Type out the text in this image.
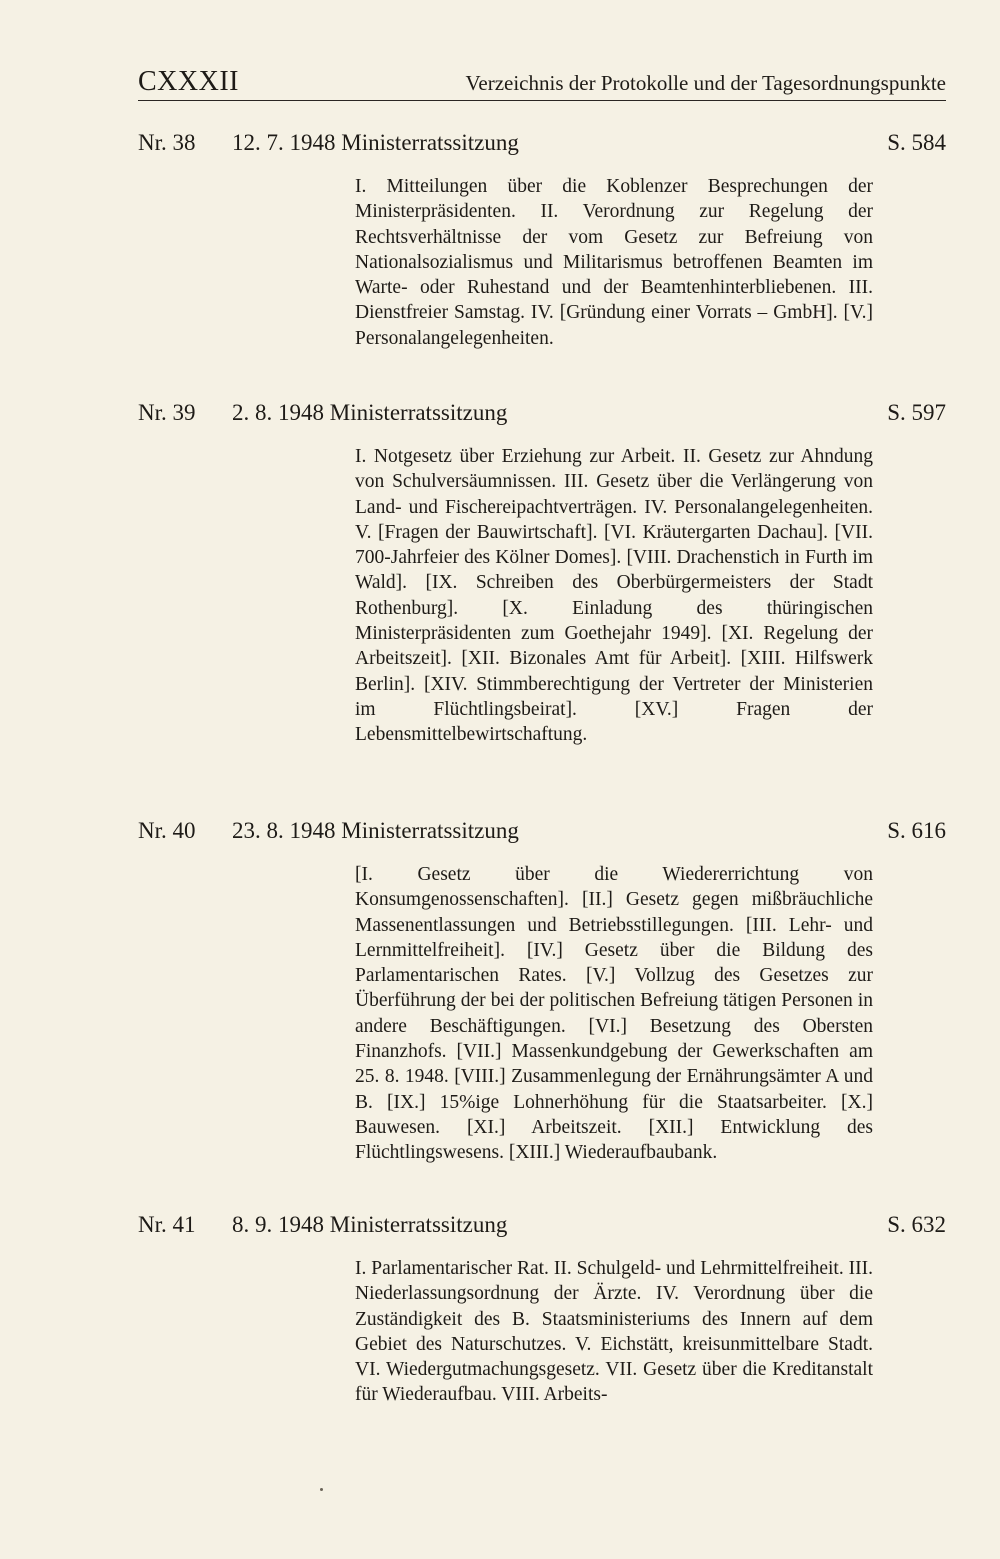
CXXXII	Verzeichnis der Protokolle und der Tagesordnungspunkte
Nr. 38 12. 7. 1948 Ministerratssitzung	S. 584
I. Mitteilungen über die Koblenzer Besprechungen der Ministerpräsidenten. II. Verordnung zur Regelung der Rechtsverhältnisse der vom Gesetz zur Befreiung von Nationalsozialismus und Militarismus betroffenen Beamten im Warte- oder Ruhestand und der Beamtenhinterbliebenen. III. Dienstfreier Samstag. IV. [Gründung einer Vorrats – GmbH]. [V.] Personalangelegenheiten.
Nr. 39 2. 8. 1948 Ministerratssitzung	S. 597
I. Notgesetz über Erziehung zur Arbeit. II. Gesetz zur Ahndung von Schulversäumnissen. III. Gesetz über die Verlängerung von Land- und Fischereipachtverträgen. IV. Personalangelegenheiten. V. [Fragen der Bauwirtschaft]. [VI. Kräutergarten Dachau]. [VII. 700-Jahrfeier des Kölner Domes]. [VIII. Drachenstich in Furth im Wald]. [IX. Schreiben des Oberbürgermeisters der Stadt Rothenburg]. [X. Einladung des thüringischen Ministerpräsidenten zum Goethejahr 1949]. [XI. Regelung der Arbeitszeit]. [XII. Bizonales Amt für Arbeit]. [XIII. Hilfswerk Berlin]. [XIV. Stimmberechtigung der Vertreter der Ministerien im Flüchtlingsbeirat]. [XV.] Fragen der Lebensmittelbewirtschaftung.
Nr. 40 23. 8. 1948 Ministerratssitzung	S. 616
[I. Gesetz über die Wiedererrichtung von Konsumgenossenschaften]. [II.] Gesetz gegen mißbräuchliche Massenentlassungen und Betriebsstillegungen. [III. Lehr- und Lernmittelfreiheit]. [IV.] Gesetz über die Bildung des Parlamentarischen Rates. [V.] Vollzug des Gesetzes zur Überführung der bei der politischen Befreiung tätigen Personen in andere Beschäftigungen. [VI.] Besetzung des Obersten Finanzhofs. [VII.] Massenkundgebung der Gewerkschaften am 25. 8. 1948. [VIII.] Zusammenlegung der Ernährungsämter A und B. [IX.] 15%ige Lohnerhöhung für die Staatsarbeiter. [X.] Bauwesen. [XI.] Arbeitszeit. [XII.] Entwicklung des Flüchtlingswesens. [XIII.] Wiederaufbaubank.
Nr. 41 8. 9. 1948 Ministerratssitzung	S. 632
I. Parlamentarischer Rat. II. Schulgeld- und Lehrmittelfreiheit. III. Niederlassungsordnung der Ärzte. IV. Verordnung über die Zuständigkeit des B. Staatsministeriums des Innern auf dem Gebiet des Naturschutzes. V. Eichstätt, kreisunmittelbare Stadt. VI. Wiedergutmachungsgesetz. VII. Gesetz über die Kreditanstalt für Wiederaufbau. VIII. Arbeits-
